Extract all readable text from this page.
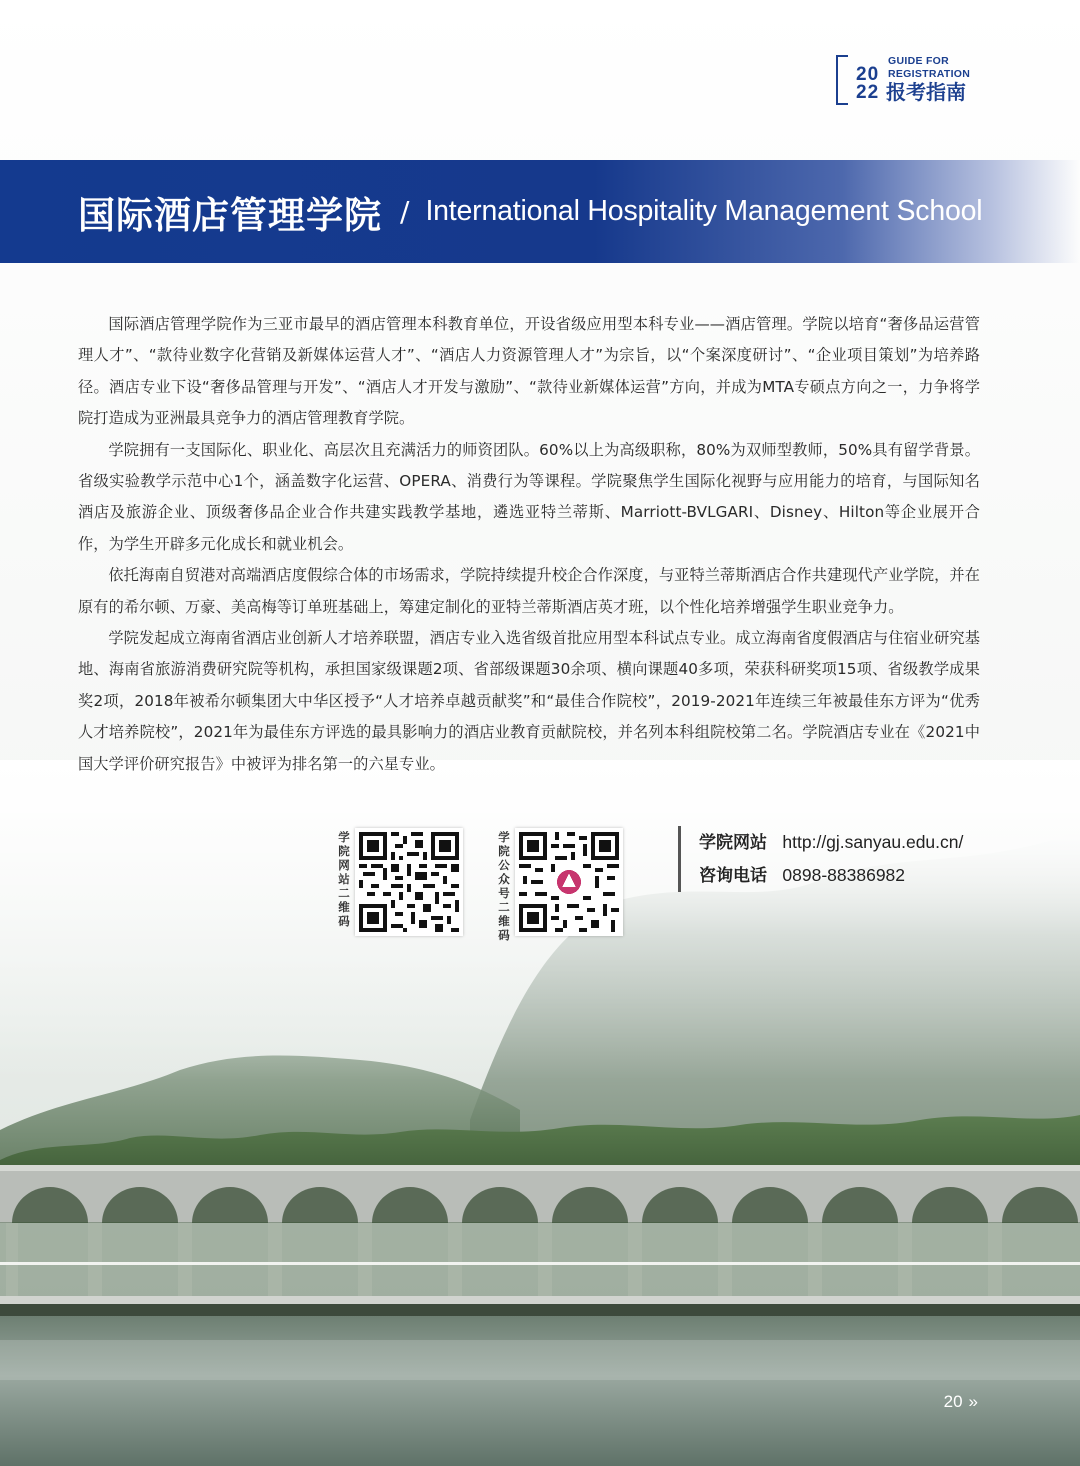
20
22
GUIDE FOR
REGISTRATION
报考指南
国际酒店管理学院 / International Hospitality Management School

国际酒店管理学院作为三亚市最早的酒店管理本科教育单位，开设省级应用型本科专业——酒店管理。学院以培育“奢侈品运营管理人才”、“款待业数字化营销及新媒体运营人才”、“酒店人力资源管理人才”为宗旨，以“个案深度研讨”、“企业项目策划”为培养路径。酒店专业下设“奢侈品管理与开发”、“酒店人才开发与激励”、“款待业新媒体运营”方向，并成为MTA专硕点方向之一，力争将学院打造成为亚洲最具竞争力的酒店管理教育学院。

学院拥有一支国际化、职业化、高层次且充满活力的师资团队。60%以上为高级职称，80%为双师型教师，50%具有留学背景。省级实验教学示范中心1个，涵盖数字化运营、OPERA、消费行为等课程。学院聚焦学生国际化视野与应用能力的培育，与国际知名酒店及旅游企业、顶级奢侈品企业合作共建实践教学基地，遴选亚特兰蒂斯、Marriott-BVLGARI、Disney、Hilton等企业展开合作，为学生开辟多元化成长和就业机会。

依托海南自贸港对高端酒店度假综合体的市场需求，学院持续提升校企合作深度，与亚特兰蒂斯酒店合作共建现代产业学院，并在原有的希尔顿、万豪、美高梅等订单班基础上，筹建定制化的亚特兰蒂斯酒店英才班，以个性化培养增强学生职业竞争力。

学院发起成立海南省酒店业创新人才培养联盟，酒店专业入选省级首批应用型本科试点专业。成立海南省度假酒店与住宿业研究基地、海南省旅游消费研究院等机构，承担国家级课题2项、省部级课题30余项、横向课题40多项，荣获科研奖项15项、省级教学成果奖2项，2018年被希尔顿集团大中华区授予“人才培养卓越贡献奖”和“最佳合作院校”，2019-2021年连续三年被最佳东方评为“优秀人才培养院校”，2021年为最佳东方评选的最具影响力的酒店业教育贡献院校，并名列本科组院校第二名。学院酒店专业在《2021中国大学评价研究报告》中被评为排名第一的六星专业。

学院网站二维码
学院公众号二维码
学院网站 http://gj.sanyau.edu.cn/
咨询电话 0898-88386982
20 »
